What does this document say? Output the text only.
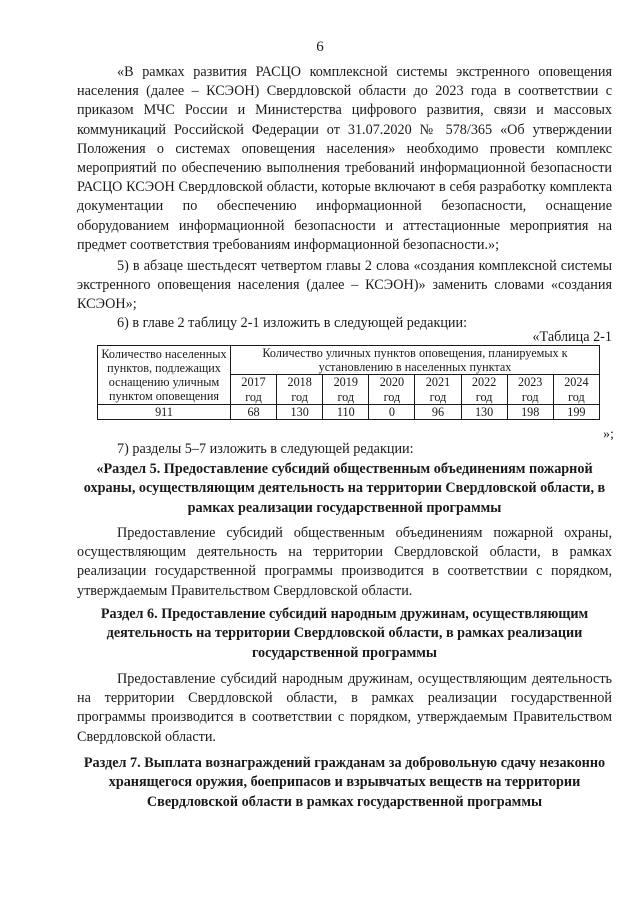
6
«В рамках развития РАСЦО комплексной системы экстренного оповещения населения (далее – КСЭОН) Свердловской области до 2023 года в соответствии с приказом МЧС России и Министерства цифрового развития, связи и массовых коммуникаций Российской Федерации от 31.07.2020 № 578/365 «Об утверждении Положения о системах оповещения населения» необходимо провести комплекс мероприятий по обеспечению выполнения требований информационной безопасности РАСЦО КСЭОН Свердловской области, которые включают в себя разработку комплекта документации по обеспечению информационной безопасности, оснащение оборудованием информационной безопасности и аттестационные мероприятия на предмет соответствия требованиям информационной безопасности.»;
5) в абзаце шестьдесят четвертом главы 2 слова «создания комплексной системы экстренного оповещения населения (далее – КСЭОН)» заменить словами «создания КСЭОН»;
6) в главе 2 таблицу 2-1 изложить в следующей редакции:
«Таблица 2-1
Количество населенных пунктов, подлежащих оснащению уличным пунктом оповещения	Количество уличных пунктов оповещения, планируемых к установлению в населенных пунктах							
	2017 год	2018 год	2019 год	2020 год	2021 год	2022 год	2023 год	2024 год
911	68	130	110	0	96	130	198	199
»;
7) разделы 5–7 изложить в следующей редакции:
«Раздел 5. Предоставление субсидий общественным объединениям пожарной охраны, осуществляющим деятельность на территории Свердловской области, в рамках реализации государственной программы
Предоставление субсидий общественным объединениям пожарной охраны, осуществляющим деятельность на территории Свердловской области, в рамках реализации государственной программы производится в соответствии с порядком, утверждаемым Правительством Свердловской области.
Раздел 6. Предоставление субсидий народным дружинам, осуществляющим деятельность на территории Свердловской области, в рамках реализации государственной программы
Предоставление субсидий народным дружинам, осуществляющим деятельность на территории Свердловской области, в рамках реализации государственной программы производится в соответствии с порядком, утверждаемым Правительством Свердловской области.
Раздел 7. Выплата вознаграждений гражданам за добровольную сдачу незаконно хранящегося оружия, боеприпасов и взрывчатых веществ на территории Свердловской области в рамках государственной программы
